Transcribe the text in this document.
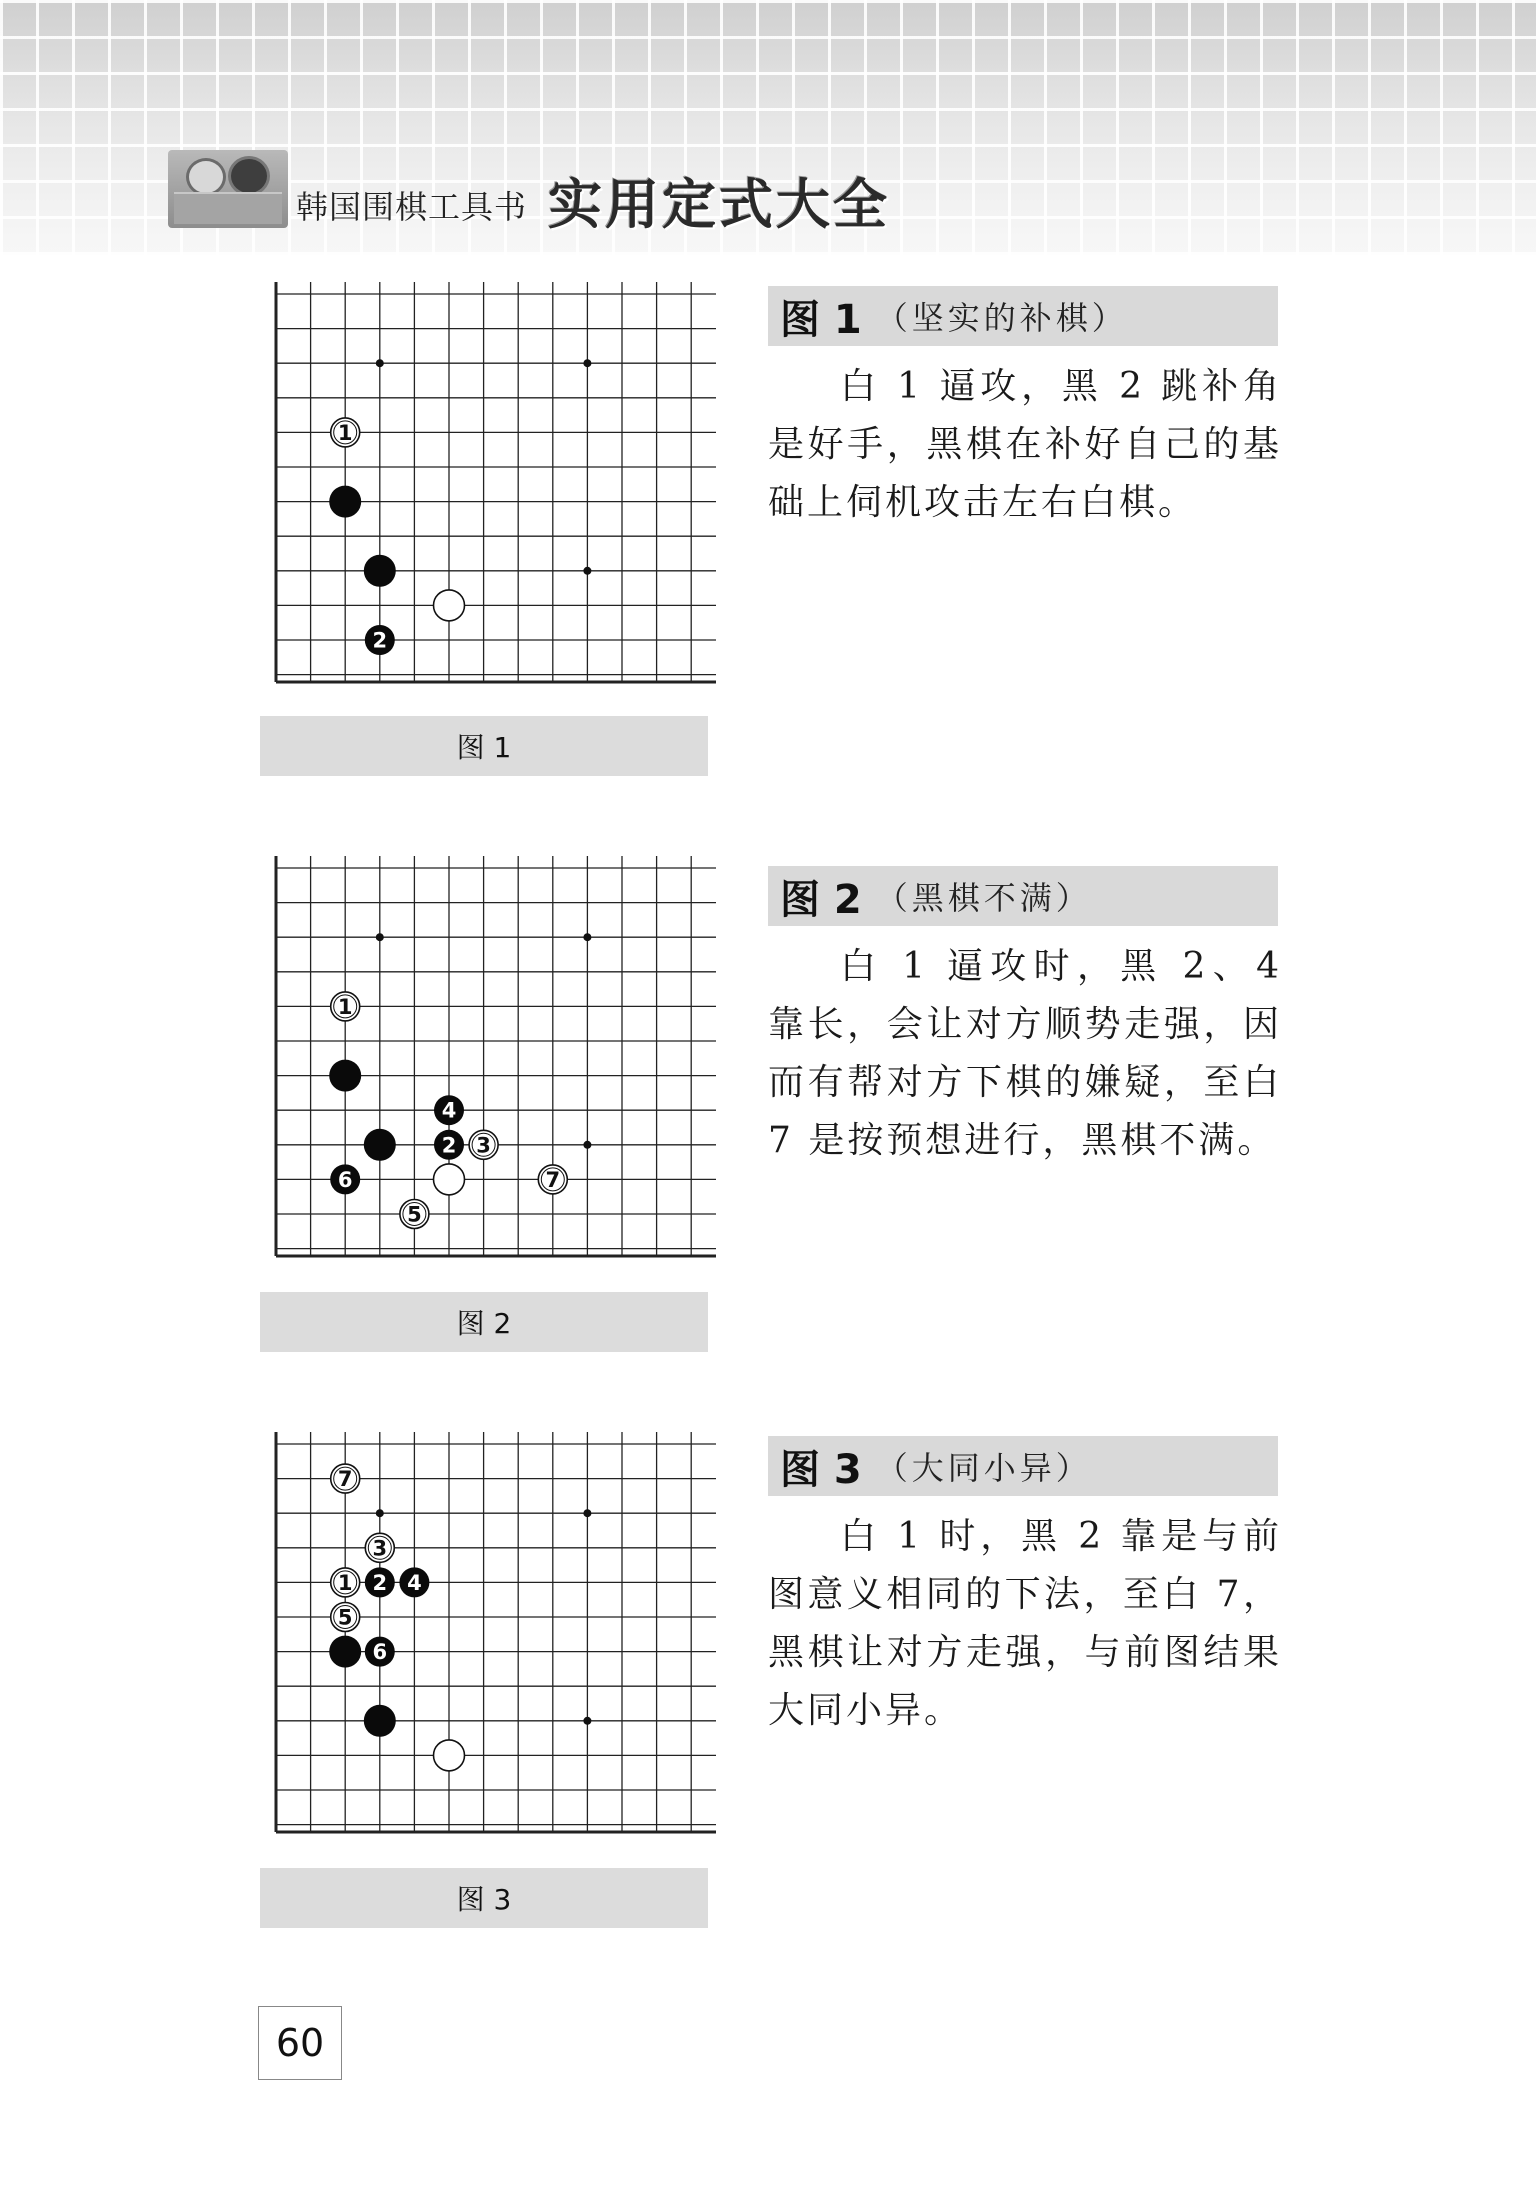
韩国围棋工具书 实用定式大全
1
2
图 1
图 1 （坚实的补棋）

白 1 逼攻，黑 2 跳补角是好手，黑棋在补好自己的基础上伺机攻击左右白棋。

1
4
2 3
6	7
5
图 2
图 2 （黑棋不满）

白 1 逼攻时，黑 2、4 靠长，会让对方顺势走强，因而有帮对方下棋的嫌疑，至白 7 是按预想进行，黑棋不满。

7
3
1 2 4
5
6
图 3
图 3 （大同小异）

白 1 时，黑 2 靠是与前图意义相同的下法，至白 7，黑棋让对方走强，与前图结果大同小异。

60
